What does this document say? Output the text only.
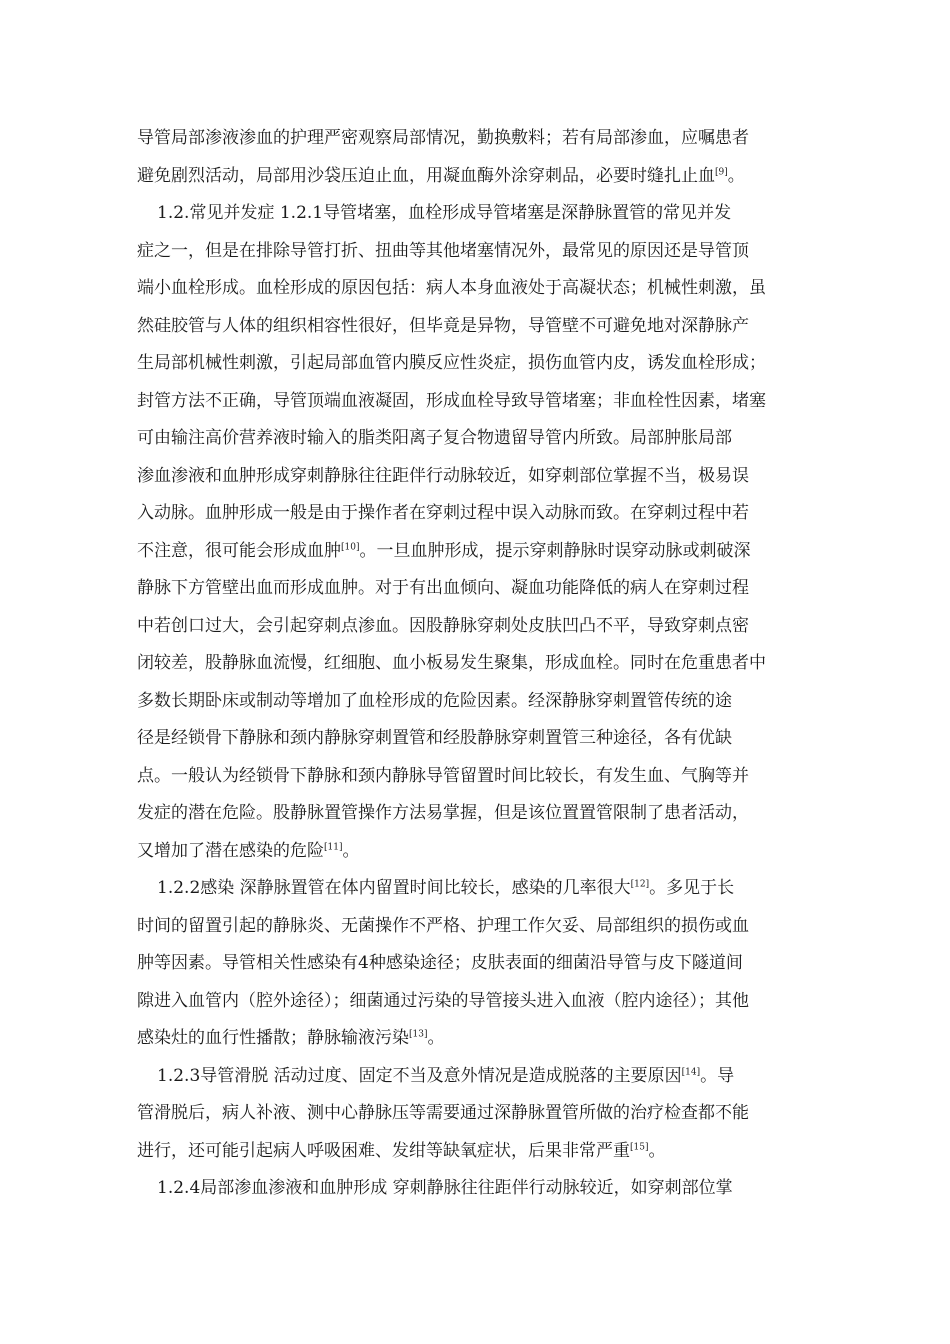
导管局部渗液渗血的护理严密观察局部情况，勤换敷料；若有局部渗血，应嘱患者
避免剧烈活动，局部用沙袋压迫止血，用凝血酶外涂穿刺品，必要时缝扎止血[9]。
1.2.常见并发症 1.2.1导管堵塞，血栓形成导管堵塞是深静脉置管的常见并发
症之一，但是在排除导管打折、扭曲等其他堵塞情况外，最常见的原因还是导管顶
端小血栓形成。血栓形成的原因包括：病人本身血液处于高凝状态；机械性刺激，虽
然硅胶管与人体的组织相容性很好，但毕竟是异物，导管壁不可避免地对深静脉产
生局部机械性刺激，引起局部血管内膜反应性炎症，损伤血管内皮，诱发血栓形成；
封管方法不正确，导管顶端血液凝固，形成血栓导致导管堵塞；非血栓性因素，堵塞
可由输注高价营养液时输入的脂类阳离子复合物遗留导管内所致。局部肿胀局部
渗血渗液和血肿形成穿刺静脉往往距伴行动脉较近，如穿刺部位掌握不当，极易误
入动脉。血肿形成一般是由于操作者在穿刺过程中误入动脉而致。在穿刺过程中若
不注意，很可能会形成血肿[10]。一旦血肿形成，提示穿刺静脉时误穿动脉或刺破深
静脉下方管壁出血而形成血肿。对于有出血倾向、凝血功能降低的病人在穿刺过程
中若创口过大，会引起穿刺点渗血。因股静脉穿刺处皮肤凹凸不平，导致穿刺点密
闭较差，股静脉血流慢，红细胞、血小板易发生聚集，形成血栓。同时在危重患者中
多数长期卧床或制动等增加了血栓形成的危险因素。经深静脉穿刺置管传统的途
径是经锁骨下静脉和颈内静脉穿刺置管和经股静脉穿刺置管三种途径，各有优缺
点。一般认为经锁骨下静脉和颈内静脉导管留置时间比较长，有发生血、气胸等并
发症的潜在危险。股静脉置管操作方法易掌握，但是该位置置管限制了患者活动，
又增加了潜在感染的危险[11]。
1.2.2感染 深静脉置管在体内留置时间比较长，感染的几率很大[12]。多见于长
时间的留置引起的静脉炎、无菌操作不严格、护理工作欠妥、局部组织的损伤或血
肿等因素。导管相关性感染有4种感染途径；皮肤表面的细菌沿导管与皮下隧道间
隙进入血管内（腔外途径）；细菌通过污染的导管接头进入血液（腔内途径）；其他
感染灶的血行性播散；静脉输液污染[13]。
1.2.3导管滑脱 活动过度、固定不当及意外情况是造成脱落的主要原因[14]。导
管滑脱后，病人补液、测中心静脉压等需要通过深静脉置管所做的治疗检查都不能
进行，还可能引起病人呼吸困难、发绀等缺氧症状，后果非常严重[15]。
1.2.4局部渗血渗液和血肿形成 穿刺静脉往往距伴行动脉较近，如穿刺部位掌
